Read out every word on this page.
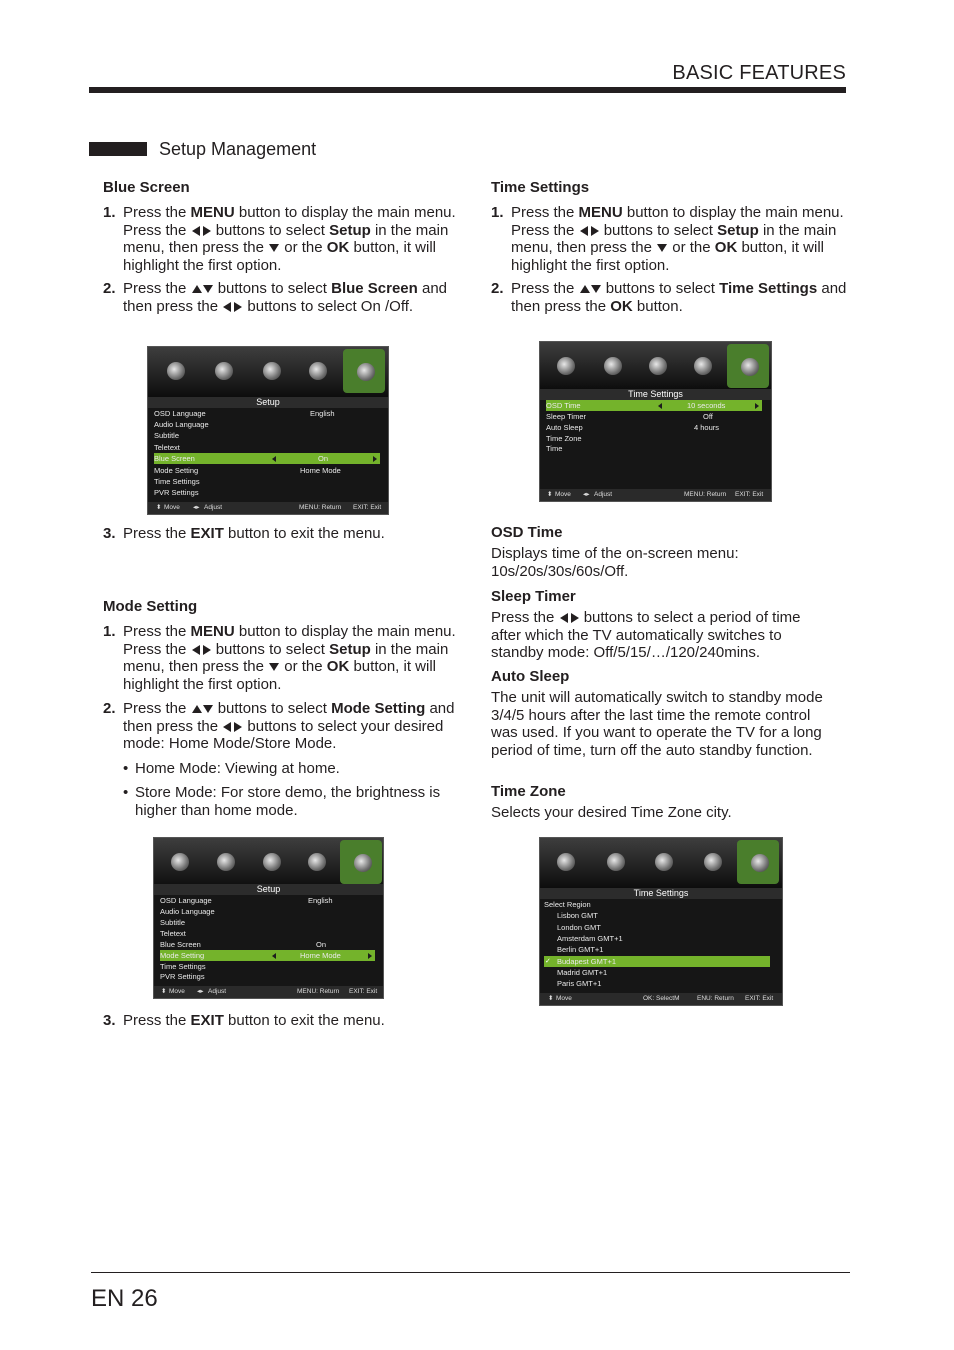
BASIC FEATURES
Setup Management
Blue Screen
1. Press the MENU button to display the main menu. Press the  buttons to select Setup in the main menu, then press the  or the OK button, it will highlight the first option.
2. Press the  buttons to select Blue Screen and then press the  buttons to select On /Off.
Setup
OSD Language	English
Audio Language
Subtitle
Teletext
Blue Screen	On
Mode Setting	Home Mode
Time Settings
PVR Settings
⬍ Move ◂▸ Adjust	MENU: Return EXIT: Exit
3. Press the EXIT button to exit the menu.
Mode Setting
1. Press the MENU button to display the main menu. Press the  buttons to select Setup in the main menu, then press the  or the OK button, it will highlight the first option.
2. Press the  buttons to select Mode Setting and then press the  buttons to select your desired mode: Home Mode/Store Mode.
• Home Mode: Viewing at home.
• Store Mode: For store demo, the brightness is higher than home mode.
Setup
OSD Language	English
Audio Language
Subtitle
Teletext
Blue Screen	On
Mode Setting	Home Mode
Time Settings
PVR Settings
⬍ Move ◂▸ Adjust	MENU: Return EXIT: Exit
3. Press the EXIT button to exit the menu.
Time Settings
1. Press the MENU button to display the main menu. Press the  buttons to select Setup in the main menu, then press the  or the OK button, it will highlight the first option.
2. Press the  buttons to select Time Settings and then press the OK button.
Time Settings
OSD Time	10 seconds
Sleep Timer	Off
Auto Sleep	4 hours
Time Zone
Time
⬍ Move ◂▸ Adjust	MENU: Return EXIT: Exit
OSD Time
Displays time of the on-screen menu: 10s/20s/30s/60s/Off.
Sleep Timer
Press the  buttons to select a period of time after which the TV automatically switches to standby mode: Off/5/15/…/120/240mins.
Auto Sleep
The unit will automatically switch to standby mode 3/4/5 hours after the last time the remote control was used. If you want to operate the TV for a long period of time, turn off the auto standby function.
Time Zone
Selects your desired Time Zone city.
Time Settings
Select Region
Lisbon GMT
London GMT
Amsterdam GMT+1
Berlin GMT+1
✓ Budapest GMT+1
Madrid GMT+1
Paris GMT+1
⬍ Move	OK: SelectM	ENU: Return EXIT: Exit
EN 26
